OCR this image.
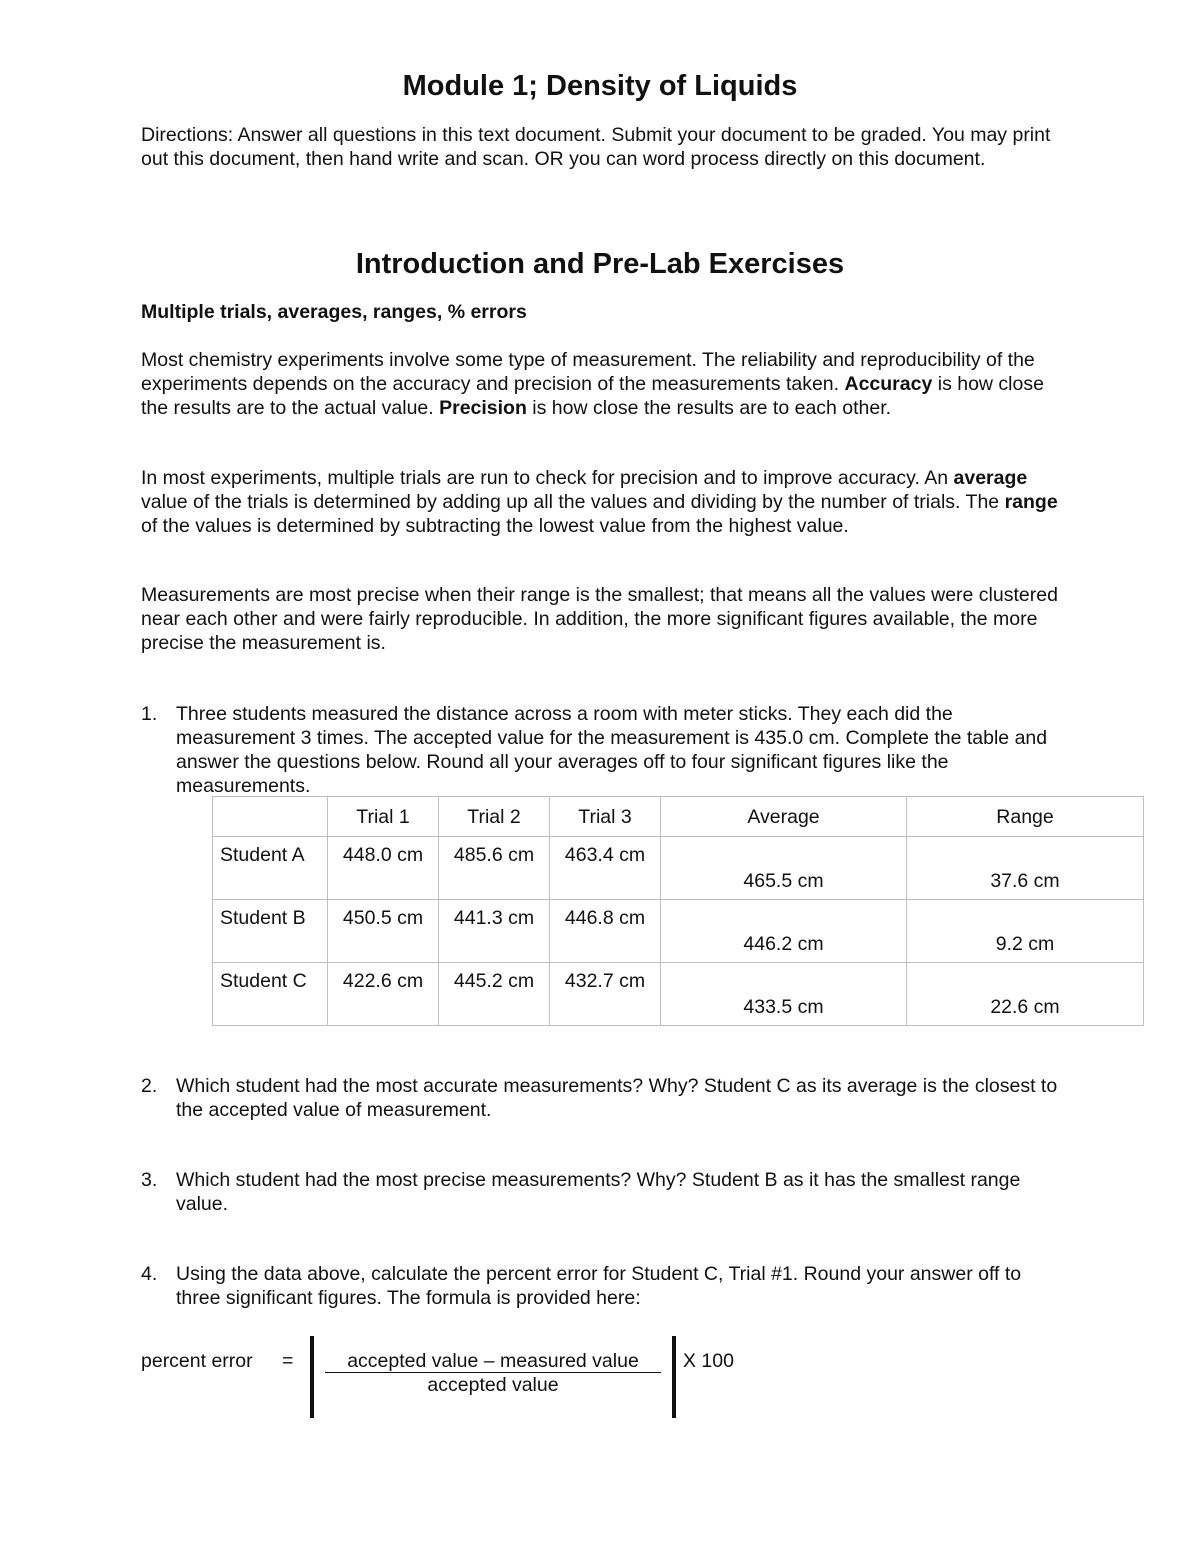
Module 1; Density of Liquids

Directions: Answer all questions in this text document. Submit your document to be graded. You may print out this document, then hand write and scan. OR you can word process directly on this document.

Introduction and Pre-Lab Exercises
Multiple trials, averages, ranges, % errors

Most chemistry experiments involve some type of measurement. The reliability and reproducibility of the experiments depends on the accuracy and precision of the measurements taken. Accuracy is how close the results are to the actual value. Precision is how close the results are to each other.

In most experiments, multiple trials are run to check for precision and to improve accuracy. An average value of the trials is determined by adding up all the values and dividing by the number of trials. The range of the values is determined by subtracting the lowest value from the highest value.

Measurements are most precise when their range is the smallest; that means all the values were clustered near each other and were fairly reproducible. In addition, the more significant figures available, the more precise the measurement is.

1. Three students measured the distance across a room with meter sticks. They each did the measurement 3 times. The accepted value for the measurement is 435.0 cm. Complete the table and answer the questions below. Round all your averages off to four significant figures like the measurements.
	Trial 1	Trial 2	Trial 3	Average	Range
Student A	448.0 cm	485.6 cm	463.4 cm	465.5 cm	37.6 cm
Student B	450.5 cm	441.3 cm	446.8 cm	446.2 cm	9.2 cm
Student C	422.6 cm	445.2 cm	432.7 cm	433.5 cm	22.6 cm
2. Which student had the most accurate measurements? Why? Student C as its average is the closest to the accepted value of measurement.
3. Which student had the most precise measurements? Why? Student B as it has the smallest range value.
4. Using the data above, calculate the percent error for Student C, Trial #1. Round your answer off to three significant figures. The formula is provided here:
percent error =	accepted value – measured value
accepted value
X 100
